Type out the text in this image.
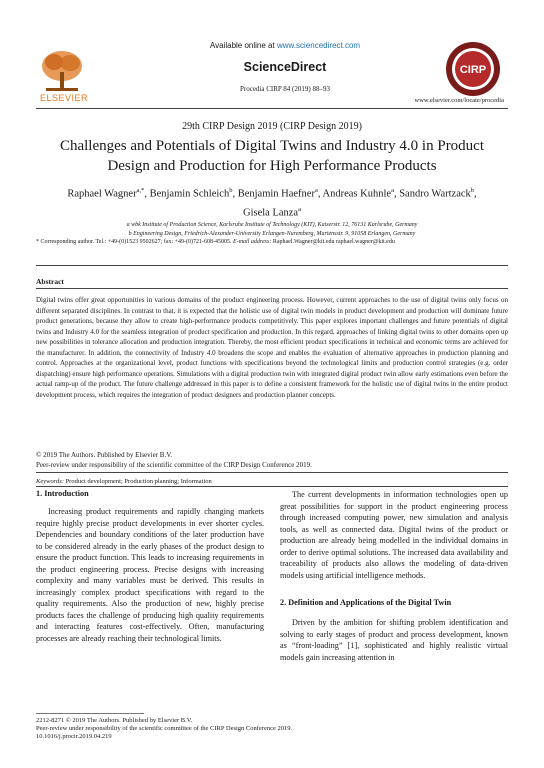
ELSEVIER
Available online at www.sciencedirect.com
ScienceDirect
Procedia CIRP 84 (2019) 88–93
CIRP
www.elsevier.com/locate/procedia
29th CIRP Design 2019 (CIRP Design 2019)
Challenges and Potentials of Digital Twins and Industry 4.0 in Product Design and Production for High Performance Products
Raphael Wagner$^{a,*}$, Benjamin Schleich$^b$, Benjamin Haefner$^a$, Andreas Kuhnle$^a$, Sandro Wartzack$^b$,
Gisela Lanza$^a$
a wbk Institute of Production Science, Karlsruhe Institute of Technology (KIT), Kaiserstr. 12, 76131 Karlsruhe, Germany
b Engineering Design, Friedrich-Alexander-University Erlangen-Nuremberg, Martensstr. 9, 91058 Erlangen, Germany
* Corresponding author. Tel.: +49-(0)1523 9502627; fax: +49-(0)721-608-45005. E-mail address: Raphael.Wagner@kit.edu raphael.wagner@kit.edu
Abstract
Digital twins offer great opportunities in various domains of the product engineering process. However, current approaches to the use of digital twins only focus on different separated disciplines. In contrast to that, it is expected that the holistic use of digital twin models in product development and production will dominate future product generations, because they allow to create high-performance products competitively. This paper explores important challenges and future potentials of digital twins and Industry 4.0 for the seamless integration of product specification and production. In this regard, approaches of linking digital twins to other domains open up new possibilities in tolerance allocation and production integration. Thereby, the most efficient product specifications in technical and economic terms are achieved for the manufacturer. In addition, the connectivity of Industry 4.0 broadens the scope and enables the evaluation of alternative approaches in production planning and control. Approaches at the organizational level, product functions with specifications beyond the technological limits and production control strategies (e.g. order dispatching) ensure high performance operations. Simulations with a digital production twin with integrated digital product twin allow early estimations even before the actual ramp-up of the product. The future challenge addressed in this paper is to define a consistent framework for the holistic use of digital twins in the entire product development process, which requires the integration of product designers and production planner concepts.
© 2019 The Authors. Published by Elsevier B.V.
Peer-review under responsibility of the scientific committee of the CIRP Design Conference 2019.
Keywords: Product development; Production planning; Information
1. Introduction
Increasing product requirements and rapidly changing markets require highly precise product developments in ever shorter cycles. Dependencies and boundary conditions of the later production have to be considered already in the early phases of the product design to ensure the product function. This leads to increasing requirements in the product engineering process. Precise designs with increasing complexity and many variables must be derived. This results in increasingly complex product specifications with regard to the quality requirements. Also the production of new, highly precise products faces the challenge of producing high quality requirements and interacting features cost-effectively. Often, manufacturing processes are already reaching their technological limits.
The current developments in information technologies open up great possibilities for support in the product engineering process through increased computing power, new simulation and analysis tools, as well as connected data. Digital twins of the product or production are already being modelled in the individual domains in order to derive optimal solutions. The increased data availability and traceability of products also allows the modeling of data-driven models using artificial intelligence methods.
2. Definition and Applications of the Digital Twin
Driven by the ambition for shifting problem identification and solving to early stages of product and process development, known as “front-loading” [1], sophisticated and highly realistic virtual models gain increasing attention in
2212-8271 © 2019 The Authors. Published by Elsevier B.V.
Peer-review under responsibility of the scientific committee of the CIRP Design Conference 2019.
10.1016/j.procir.2019.04.219
